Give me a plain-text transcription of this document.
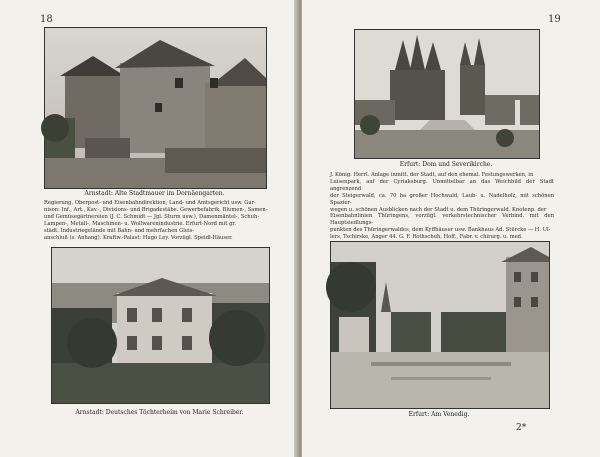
18
Arnstadt: Alte Stadtmauer im Dornäengarten.
Regierung, Oberpost- und Eisenbahndirektion, Land- und Amtsgericht usw. Gar-
nison: Inf., Art., Kav.-, Divisions- und Brigadestäbe. Gewerbefabrik, Blumen-, Samen-
und Gemüsegärtnereien (J. C. Schmidt — Jgl. Sturm usw.), Damenmäntel-, Schuh-
Lampen-, Metall-, Maschinen- u. Wollwarenindustrie. Erfurt-Nord mit gr.
städt. Industriegelände mit Bahn- und mehrfachen Gleis-
anschluß (s. Anhang). Kraftw.-Palast: Hugo Ley. Vorzügl. Speidl-Häuser.
Arnstadt: Deutsches Töchterheim von Marie Schreiber.
19
Erfurt: Dom und Severikirche.
J. König. Herrl. Anlage inmitt. der Stadt, auf den ehemal. Festungswerken, in
Luisenpark, auf der Cyriaksburg. Unmittelbar an das Weichbild der Stadt angrenzend
der Steigerwald, ca. 70 ha großer Hochwald, Laub- u. Nadelholz, mit schönen Spazier-
wegen u. schönen Ausblicken nach der Stadt u. dem Thüringerwald. Knotenp. der
Eisenbahnlinien Thüringens, vorzügl. verkehrstechnischer Verbind. mit den Hauptsiedlungs-
punkten des Thüringerwaldes, dem Kyffhäuser usw. Bankhaus Ad. Stürcke — H. Ul-
lers, Tschirske, Anger 44. G. F. Rothschuh, Hoff., Fabr. v. chirurg. u. med.
Erfurt: Am Venedig.
2*
